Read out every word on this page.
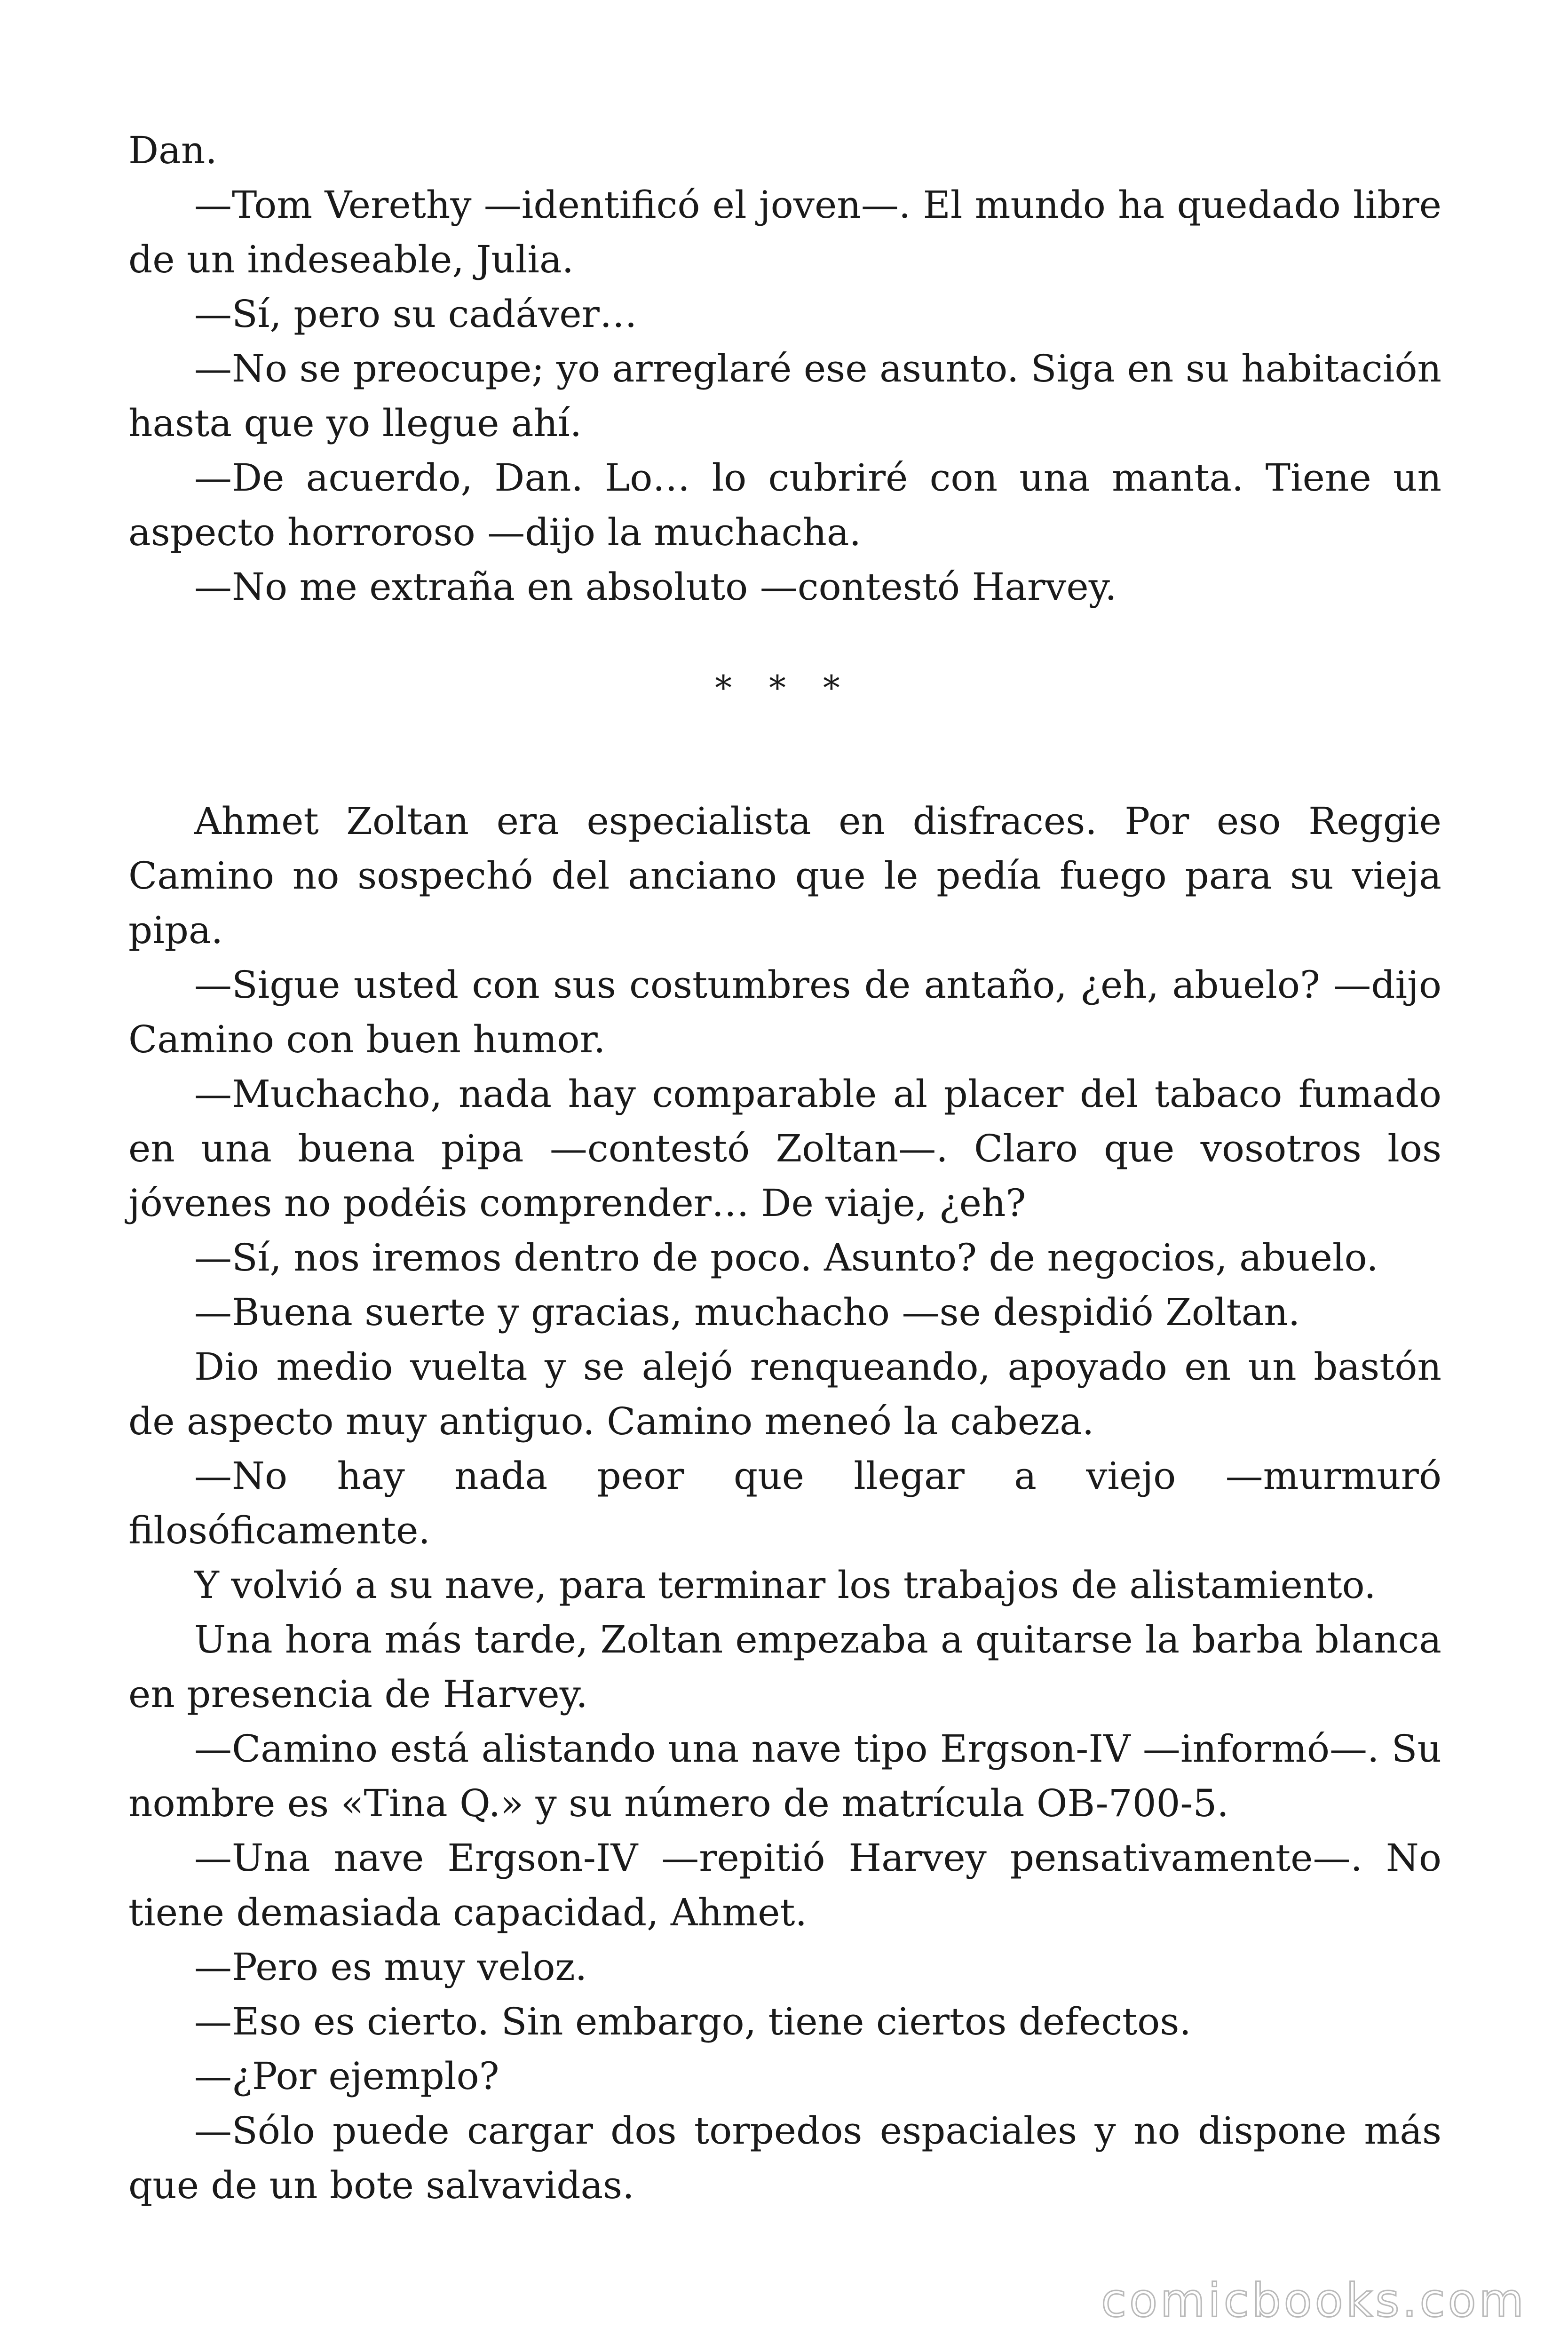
Dan.

—Tom Verethy —identificó el joven—. El mundo ha quedado libre de un indeseable, Julia.

—Sí, pero su cadáver…

—No se preocupe; yo arreglaré ese asunto. Siga en su habitación hasta que yo llegue ahí.

—De acuerdo, Dan. Lo… lo cubriré con una manta. Tiene un aspecto horroroso —dijo la muchacha.

—No me extraña en absoluto —contestó Harvey.

* * *

Ahmet Zoltan era especialista en disfraces. Por eso Reggie Camino no sospechó del anciano que le pedía fuego para su vieja pipa.

—Sigue usted con sus costumbres de antaño, ¿eh, abuelo? —dijo Camino con buen humor.

—Muchacho, nada hay comparable al placer del tabaco fumado en una buena pipa —contestó Zoltan—. Claro que vosotros los jóvenes no podéis comprender… De viaje, ¿eh?

—Sí, nos iremos dentro de poco. Asunto? de negocios, abuelo.

—Buena suerte y gracias, muchacho —se despidió Zoltan.

Dio medio vuelta y se alejó renqueando, apoyado en un bastón de aspecto muy antiguo. Camino meneó la cabeza.

—No hay nada peor que llegar a viejo —murmuró filosóficamente.

Y volvió a su nave, para terminar los trabajos de alistamiento.

Una hora más tarde, Zoltan empezaba a quitarse la barba blanca en presencia de Harvey.

—Camino está alistando una nave tipo Ergson-IV —informó—. Su nombre es «Tina Q.» y su número de matrícula OB-700-5.

—Una nave Ergson-IV —repitió Harvey pensativamente—. No tiene demasiada capacidad, Ahmet.

—Pero es muy veloz.

—Eso es cierto. Sin embargo, tiene ciertos defectos.

—¿Por ejemplo?

—Sólo puede cargar dos torpedos espaciales y no dispone más que de un bote salvavidas.

comicbooks.com
